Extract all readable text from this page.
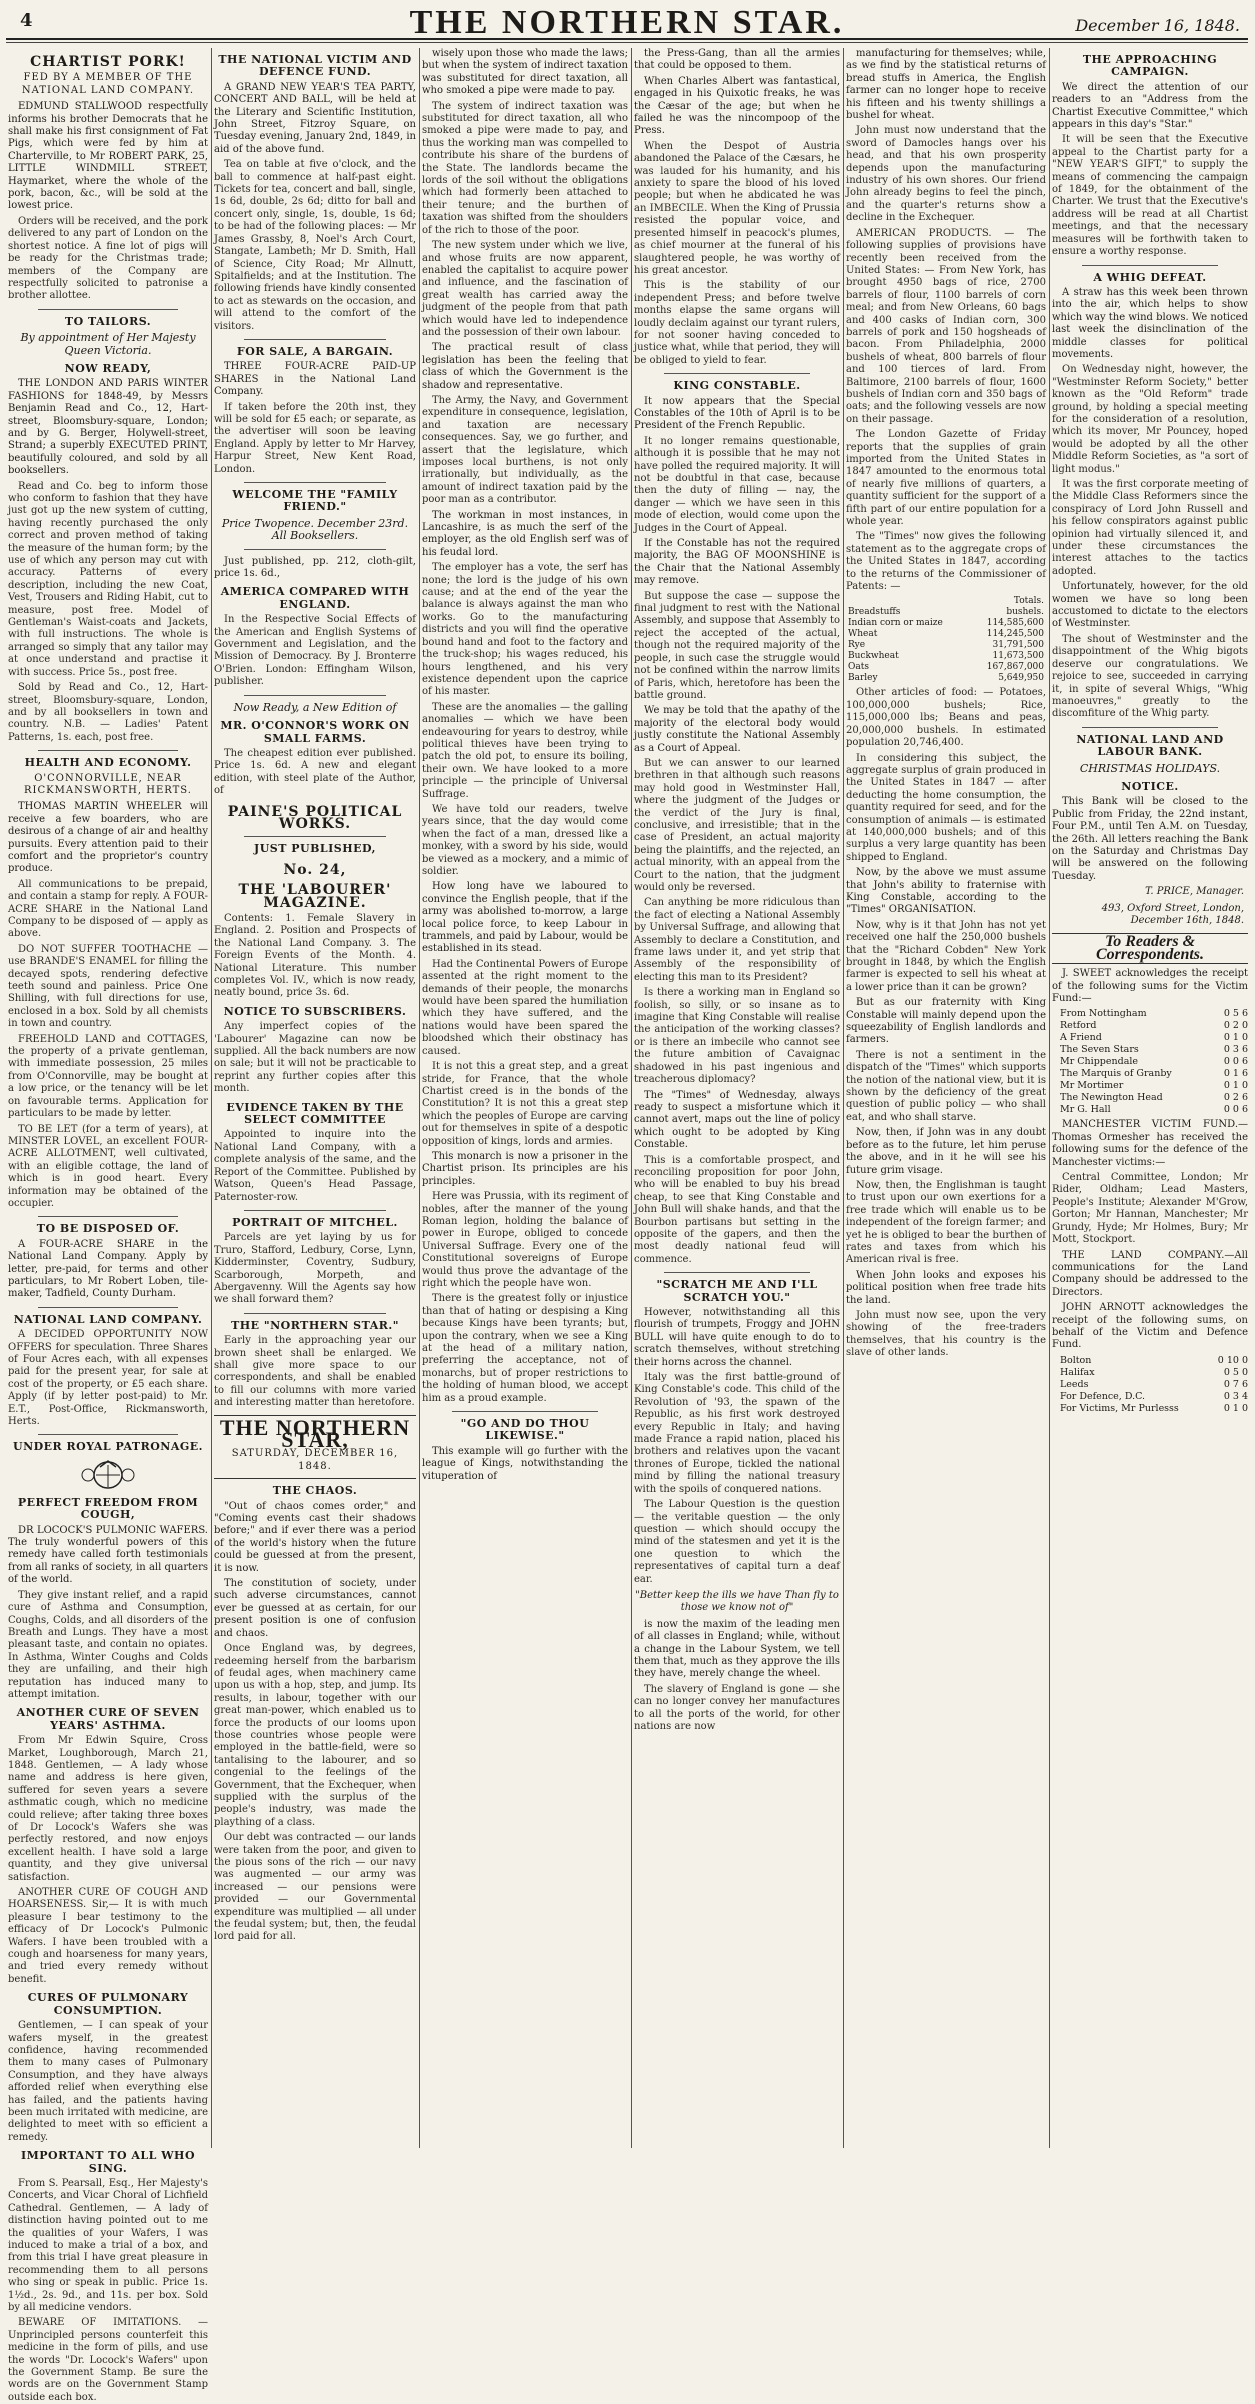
4	THE NORTHERN STAR.	December 16, 1848.
CHARTIST PORK!
FED BY A MEMBER OF THE NATIONAL LAND COMPANY.

EDMUND STALLWOOD respectfully informs his brother Democrats that he shall make his first consignment of Fat Pigs, which were fed by him at Charterville, to Mr ROBERT PARK, 25, LITTLE WINDMILL STREET, Haymarket, where the whole of the pork, bacon, &c., will be sold at the lowest price.

Orders will be received, and the pork delivered to any part of London on the shortest notice. A fine lot of pigs will be ready for the Christmas trade; members of the Company are respectfully solicited to patronise a brother allottee.

TO TAILORS.
By appointment of Her Majesty Queen Victoria.
NOW READY,

THE LONDON AND PARIS WINTER FASHIONS for 1848-49, by Messrs Benjamin Read and Co., 12, Hart-street, Bloomsbury-square, London; and by G. Berger, Holywell-street, Strand; a superbly EXECUTED PRINT, beautifully coloured, and sold by all booksellers.

Read and Co. beg to inform those who conform to fashion that they have just got up the new system of cutting, having recently purchased the only correct and proven method of taking the measure of the human form; by the use of which any person may cut with accuracy. Patterns of every description, including the new Coat, Vest, Trousers and Riding Habit, cut to measure, post free. Model of Gentleman's Waist-coats and Jackets, with full instructions. The whole is arranged so simply that any tailor may at once understand and practise it with success. Price 5s., post free.

Sold by Read and Co., 12, Hart-street, Bloomsbury-square, London, and by all booksellers in town and country. N.B. — Ladies' Patent Patterns, 1s. each, post free.

HEALTH AND ECONOMY.
O'CONNORVILLE, NEAR RICKMANSWORTH, HERTS.

THOMAS MARTIN WHEELER will receive a few boarders, who are desirous of a change of air and healthy pursuits. Every attention paid to their comfort and the proprietor's country produce.

All communications to be prepaid, and contain a stamp for reply. A FOUR-ACRE SHARE in the National Land Company to be disposed of — apply as above.

DO NOT SUFFER TOOTHACHE — use BRANDE'S ENAMEL for filling the decayed spots, rendering defective teeth sound and painless. Price One Shilling, with full directions for use, enclosed in a box. Sold by all chemists in town and country.

FREEHOLD LAND and COTTAGES, the property of a private gentleman, with immediate possession, 25 miles from O'Connorville, may be bought at a low price, or the tenancy will be let on favourable terms. Application for particulars to be made by letter.

TO BE LET (for a term of years), at MINSTER LOVEL, an excellent FOUR-ACRE ALLOTMENT, well cultivated, with an eligible cottage, the land of which is in good heart. Every information may be obtained of the occupier.

TO BE DISPOSED OF.

A FOUR-ACRE SHARE in the National Land Company. Apply by letter, pre-paid, for terms and other particulars, to Mr Robert Loben, tile-maker, Tadfield, County Durham.

NATIONAL LAND COMPANY.

A DECIDED OPPORTUNITY NOW OFFERS for speculation. Three Shares of Four Acres each, with all expenses paid for the present year, for sale at cost of the property, or £5 each share. Apply (if by letter post-paid) to Mr. E.T., Post-Office, Rickmansworth, Herts.

UNDER ROYAL PATRONAGE.
PERFECT FREEDOM FROM COUGH,

DR LOCOCK'S PULMONIC WAFERS. The truly wonderful powers of this remedy have called forth testimonials from all ranks of society, in all quarters of the world.

They give instant relief, and a rapid cure of Asthma and Consumption, Coughs, Colds, and all disorders of the Breath and Lungs. They have a most pleasant taste, and contain no opiates. In Asthma, Winter Coughs and Colds they are unfailing, and their high reputation has induced many to attempt imitation.

ANOTHER CURE OF SEVEN YEARS' ASTHMA.

From Mr Edwin Squire, Cross Market, Loughborough, March 21, 1848. Gentlemen, — A lady whose name and address is here given, suffered for seven years a severe asthmatic cough, which no medicine could relieve; after taking three boxes of Dr Locock's Wafers she was perfectly restored, and now enjoys excellent health. I have sold a large quantity, and they give universal satisfaction.

ANOTHER CURE OF COUGH AND HOARSENESS. Sir,— It is with much pleasure I bear testimony to the efficacy of Dr Locock's Pulmonic Wafers. I have been troubled with a cough and hoarseness for many years, and tried every remedy without benefit.

CURES OF PULMONARY CONSUMPTION.

Gentlemen, — I can speak of your wafers myself, in the greatest confidence, having recommended them to many cases of Pulmonary Consumption, and they have always afforded relief when everything else has failed, and the patients having been much irritated with medicine, are delighted to meet with so efficient a remedy.

IMPORTANT TO ALL WHO SING.

From S. Pearsall, Esq., Her Majesty's Concerts, and Vicar Choral of Lichfield Cathedral. Gentlemen, — A lady of distinction having pointed out to me the qualities of your Wafers, I was induced to make a trial of a box, and from this trial I have great pleasure in recommending them to all persons who sing or speak in public. Price 1s. 1½d., 2s. 9d., and 11s. per box. Sold by all medicine vendors.

BEWARE OF IMITATIONS. — Unprincipled persons counterfeit this medicine in the form of pills, and use the words "Dr. Locock's Wafers" upon the Government Stamp. Be sure the words are on the Government Stamp outside each box.

THE NATIONAL VICTIM AND DEFENCE FUND.

A GRAND NEW YEAR'S TEA PARTY, CONCERT AND BALL, will be held at the Literary and Scientific Institution, John Street, Fitzroy Square, on Tuesday evening, January 2nd, 1849, in aid of the above fund.

Tea on table at five o'clock, and the ball to commence at half-past eight. Tickets for tea, concert and ball, single, 1s 6d, double, 2s 6d; ditto for ball and concert only, single, 1s, double, 1s 6d; to be had of the following places: — Mr James Grassby, 8, Noel's Arch Court, Stangate, Lambeth; Mr D. Smith, Hall of Science, City Road; Mr Allnutt, Spitalfields; and at the Institution. The following friends have kindly consented to act as stewards on the occasion, and will attend to the comfort of the visitors.

FOR SALE, A BARGAIN.

THREE FOUR-ACRE PAID-UP SHARES in the National Land Company.

If taken before the 20th inst, they will be sold for £5 each; or separate, as the advertiser will soon be leaving England. Apply by letter to Mr Harvey, Harpur Street, New Kent Road, London.

WELCOME THE "FAMILY FRIEND."
Price Twopence. December 23rd. All Booksellers.

Just published, pp. 212, cloth-gilt, price 1s. 6d.,

AMERICA COMPARED WITH ENGLAND.

In the Respective Social Effects of the American and English Systems of Government and Legislation, and the Mission of Democracy. By J. Bronterre O'Brien. London: Effingham Wilson, publisher.

Now Ready, a New Edition of
MR. O'CONNOR'S WORK ON SMALL FARMS.

The cheapest edition ever published. Price 1s. 6d. A new and elegant edition, with steel plate of the Author, of

PAINE'S POLITICAL WORKS.
JUST PUBLISHED,
No. 24,
THE 'LABOURER' MAGAZINE.

Contents: 1. Female Slavery in England. 2. Position and Prospects of the National Land Company. 3. The Foreign Events of the Month. 4. National Literature. This number completes Vol. IV., which is now ready, neatly bound, price 3s. 6d.

NOTICE TO SUBSCRIBERS.

Any imperfect copies of the 'Labourer' Magazine can now be supplied. All the back numbers are now on sale; but it will not be practicable to reprint any further copies after this month.

EVIDENCE TAKEN BY THE SELECT COMMITTEE

Appointed to inquire into the National Land Company, with a complete analysis of the same, and the Report of the Committee. Published by Watson, Queen's Head Passage, Paternoster-row.

PORTRAIT OF MITCHEL.

Parcels are yet laying by us for Truro, Stafford, Ledbury, Corse, Lynn, Kidderminster, Coventry, Sudbury, Scarborough, Morpeth, and Abergavenny. Will the Agents say how we shall forward them?

THE "NORTHERN STAR."

Early in the approaching year our brown sheet shall be enlarged. We shall give more space to our correspondents, and shall be enabled to fill our columns with more varied and interesting matter than heretofore.

THE NORTHERN STAR,
SATURDAY, DECEMBER 16, 1848.
THE CHAOS.

"Out of chaos comes order," and "Coming events cast their shadows before;" and if ever there was a period of the world's history when the future could be guessed at from the present, it is now.

The constitution of society, under such adverse circumstances, cannot ever be guessed at as certain, for our present position is one of confusion and chaos.

Once England was, by degrees, redeeming herself from the barbarism of feudal ages, when machinery came upon us with a hop, step, and jump. Its results, in labour, together with our great man-power, which enabled us to force the products of our looms upon those countries whose people were employed in the battle-field, were so tantalising to the labourer, and so congenial to the feelings of the Government, that the Exchequer, when supplied with the surplus of the people's industry, was made the plaything of a class.

Our debt was contracted — our lands were taken from the poor, and given to the pious sons of the rich — our navy was augmented — our army was increased — our pensions were provided — our Governmental expenditure was multiplied — all under the feudal system; but, then, the feudal lord paid for all.

wisely upon those who made the laws; but when the system of indirect taxation was substituted for direct taxation, all who smoked a pipe were made to pay.

The system of indirect taxation was substituted for direct taxation, all who smoked a pipe were made to pay, and thus the working man was compelled to contribute his share of the burdens of the State. The landlords became the lords of the soil without the obligations which had formerly been attached to their tenure; and the burthen of taxation was shifted from the shoulders of the rich to those of the poor.

The new system under which we live, and whose fruits are now apparent, enabled the capitalist to acquire power and influence, and the fascination of great wealth has carried away the judgment of the people from that path which would have led to independence and the possession of their own labour.

The practical result of class legislation has been the feeling that class of which the Government is the shadow and representative.

The Army, the Navy, and Government expenditure in consequence, legislation, and taxation are necessary consequences. Say, we go further, and assert that the legislature, which imposes local burthens, is not only irrationally, but individually, as the amount of indirect taxation paid by the poor man as a contributor.

The workman in most instances, in Lancashire, is as much the serf of the employer, as the old English serf was of his feudal lord.

The employer has a vote, the serf has none; the lord is the judge of his own cause; and at the end of the year the balance is always against the man who works. Go to the manufacturing districts and you will find the operative bound hand and foot to the factory and the truck-shop; his wages reduced, his hours lengthened, and his very existence dependent upon the caprice of his master.

These are the anomalies — the galling anomalies — which we have been endeavouring for years to destroy, while political thieves have been trying to patch the old pot, to ensure its boiling, their own. We have looked to a more principle — the principle of Universal Suffrage.

We have told our readers, twelve years since, that the day would come when the fact of a man, dressed like a monkey, with a sword by his side, would be viewed as a mockery, and a mimic of soldier.

How long have we laboured to convince the English people, that if the army was abolished to-morrow, a large local police force, to keep Labour in trammels, and paid by Labour, would be established in its stead.

Had the Continental Powers of Europe assented at the right moment to the demands of their people, the monarchs would have been spared the humiliation which they have suffered, and the nations would have been spared the bloodshed which their obstinacy has caused.

It is not this a great step, and a great stride, for France, that the whole Chartist creed is in the bonds of the Constitution? It is not this a great step which the peoples of Europe are carving out for themselves in spite of a despotic opposition of kings, lords and armies.

This monarch is now a prisoner in the Chartist prison. Its principles are his principles.

Here was Prussia, with its regiment of nobles, after the manner of the young Roman legion, holding the balance of power in Europe, obliged to concede Universal Suffrage. Every one of the Constitutional sovereigns of Europe would thus prove the advantage of the right which the people have won.

There is the greatest folly or injustice than that of hating or despising a King because Kings have been tyrants; but, upon the contrary, when we see a King at the head of a military nation, preferring the acceptance, not of monarchs, but of proper restrictions to the holding of human blood, we accept him as a proud example.

"GO AND DO THOU LIKEWISE."

This example will go further with the league of Kings, notwithstanding the vituperation of

the Press-Gang, than all the armies that could be opposed to them.

When Charles Albert was fantastical, engaged in his Quixotic freaks, he was the Cæsar of the age; but when he failed he was the nincompoop of the Press.

When the Despot of Austria abandoned the Palace of the Cæsars, he was lauded for his humanity, and his anxiety to spare the blood of his loved people; but when he abdicated he was an IMBECILE. When the King of Prussia resisted the popular voice, and presented himself in peacock's plumes, as chief mourner at the funeral of his slaughtered people, he was worthy of his great ancestor.

This is the stability of our independent Press; and before twelve months elapse the same organs will loudly declaim against our tyrant rulers, for not sooner having conceded to justice what, while that period, they will be obliged to yield to fear.

KING CONSTABLE.

It now appears that the Special Constables of the 10th of April is to be President of the French Republic.

It no longer remains questionable, although it is possible that he may not have polled the required majority. It will not be doubtful in that case, because then the duty of filling — nay, the danger — which we have seen in this mode of election, would come upon the Judges in the Court of Appeal.

If the Constable has not the required majority, the BAG OF MOONSHINE is the Chair that the National Assembly may remove.

But suppose the case — suppose the final judgment to rest with the National Assembly, and suppose that Assembly to reject the accepted of the actual, though not the required majority of the people, in such case the struggle would not be confined within the narrow limits of Paris, which, heretofore has been the battle ground.

We may be told that the apathy of the majority of the electoral body would justly constitute the National Assembly as a Court of Appeal.

But we can answer to our learned brethren in that although such reasons may hold good in Westminster Hall, where the judgment of the Judges or the verdict of the Jury is final, conclusive, and irresistible; that in the case of President, an actual majority being the plaintiffs, and the rejected, an actual minority, with an appeal from the Court to the nation, that the judgment would only be reversed.

Can anything be more ridiculous than the fact of electing a National Assembly by Universal Suffrage, and allowing that Assembly to declare a Constitution, and frame laws under it, and yet strip that Assembly of the responsibility of electing this man to its President?

Is there a working man in England so foolish, so silly, or so insane as to imagine that King Constable will realise the anticipation of the working classes? or is there an imbecile who cannot see the future ambition of Cavaignac shadowed in his past ingenious and treacherous diplomacy?

The "Times" of Wednesday, always ready to suspect a misfortune which it cannot avert, maps out the line of policy which ought to be adopted by King Constable.

This is a comfortable prospect, and reconciling proposition for poor John, who will be enabled to buy his bread cheap, to see that King Constable and John Bull will shake hands, and that the Bourbon partisans but setting in the opposite of the gapers, and then the most deadly national feud will commence.

"SCRATCH ME AND I'LL SCRATCH YOU."

However, notwithstanding all this flourish of trumpets, Froggy and JOHN BULL will have quite enough to do to scratch themselves, without stretching their horns across the channel.

Italy was the first battle-ground of King Constable's code. This child of the Revolution of '93, the spawn of the Republic, as his first work destroyed every Republic in Italy; and having made France a rapid nation, placed his brothers and relatives upon the vacant thrones of Europe, tickled the national mind by filling the national treasury with the spoils of conquered nations.

The Labour Question is the question — the veritable question — the only question — which should occupy the mind of the statesmen and yet it is the one question to which the representatives of capital turn a deaf ear.

"Better keep the ills we have Than fly to those we know not of"

is now the maxim of the leading men of all classes in England; while, without a change in the Labour System, we tell them that, much as they approve the ills they have, merely change the wheel.

The slavery of England is gone — she can no longer convey her manufactures to all the ports of the world, for other nations are now

manufacturing for themselves; while, as we find by the statistical returns of bread stuffs in America, the English farmer can no longer hope to receive his fifteen and his twenty shillings a bushel for wheat.

John must now understand that the sword of Damocles hangs over his head, and that his own prosperity depends upon the manufacturing industry of his own shores. Our friend John already begins to feel the pinch, and the quarter's returns show a decline in the Exchequer.

AMERICAN PRODUCTS. — The following supplies of provisions have recently been received from the United States: — From New York, has brought 4950 bags of rice, 2700 barrels of flour, 1100 barrels of corn meal; and from New Orleans, 60 bags and 400 casks of Indian corn, 300 barrels of pork and 150 hogsheads of bacon. From Philadelphia, 2000 bushels of wheat, 800 barrels of flour and 100 tierces of lard. From Baltimore, 2100 barrels of flour, 1600 bushels of Indian corn and 350 bags of oats; and the following vessels are now on their passage.

The London Gazette of Friday reports that the supplies of grain imported from the United States in 1847 amounted to the enormous total of nearly five millions of quarters, a quantity sufficient for the support of a fifth part of our entire population for a whole year.

The "Times" now gives the following statement as to the aggregate crops of the United States in 1847, according to the returns of the Commissioner of Patents: —

	Totals.
Breadstuffs	bushels.
Indian corn or maize	114,585,600
Wheat	114,245,500
Rye	31,791,500
Buckwheat	11,673,500
Oats	167,867,000
Barley	5,649,950

Other articles of food: — Potatoes, 100,000,000 bushels; Rice, 115,000,000 lbs; Beans and peas, 20,000,000 bushels. In estimated population 20,746,400.

In considering this subject, the aggregate surplus of grain produced in the United States in 1847 — after deducting the home consumption, the quantity required for seed, and for the consumption of animals — is estimated at 140,000,000 bushels; and of this surplus a very large quantity has been shipped to England.

Now, by the above we must assume that John's ability to fraternise with King Constable, according to the "Times" ORGANISATION.

Now, why is it that John has not yet received one half the 250,000 bushels that the "Richard Cobden" New York brought in 1848, by which the English farmer is expected to sell his wheat at a lower price than it can be grown?

But as our fraternity with King Constable will mainly depend upon the squeezability of English landlords and farmers.

There is not a sentiment in the dispatch of the "Times" which supports the notion of the national view, but it is shown by the deficiency of the great question of public policy — who shall eat, and who shall starve.

Now, then, if John was in any doubt before as to the future, let him peruse the above, and in it he will see his future grim visage.

Now, then, the Englishman is taught to trust upon our own exertions for a free trade which will enable us to be independent of the foreign farmer; and yet he is obliged to bear the burthen of rates and taxes from which his American rival is free.

When John looks and exposes his political position when free trade hits the land.

John must now see, upon the very showing of the free-traders themselves, that his country is the slave of other lands.

THE APPROACHING CAMPAIGN.

We direct the attention of our readers to an "Address from the Chartist Executive Committee," which appears in this day's "Star."

It will be seen that the Executive appeal to the Chartist party for a "NEW YEAR'S GIFT," to supply the means of commencing the campaign of 1849, for the obtainment of the Charter. We trust that the Executive's address will be read at all Chartist meetings, and that the necessary measures will be forthwith taken to ensure a worthy response.

A WHIG DEFEAT.

A straw has this week been thrown into the air, which helps to show which way the wind blows. We noticed last week the disinclination of the middle classes for political movements.

On Wednesday night, however, the "Westminster Reform Society," better known as the "Old Reform" trade ground, by holding a special meeting for the consideration of a resolution, which its mover, Mr Pouncey, hoped would be adopted by all the other Middle Reform Societies, as "a sort of light modus."

It was the first corporate meeting of the Middle Class Reformers since the conspiracy of Lord John Russell and his fellow conspirators against public opinion had virtually silenced it, and under these circumstances the interest attaches to the tactics adopted.

Unfortunately, however, for the old women we have so long been accustomed to dictate to the electors of Westminster.

The shout of Westminster and the disappointment of the Whig bigots deserve our congratulations. We rejoice to see, succeeded in carrying it, in spite of several Whigs, "Whig manoeuvres," greatly to the discomfiture of the Whig party.

NATIONAL LAND AND LABOUR BANK.
CHRISTMAS HOLIDAYS.
NOTICE.

This Bank will be closed to the Public from Friday, the 22nd instant, Four P.M., until Ten A.M. on Tuesday, the 26th. All letters reaching the Bank on the Saturday and Christmas Day will be answered on the following Tuesday.

T. PRICE, Manager.
493, Oxford Street, London, December 16th, 1848.
To Readers & Correspondents.

J. SWEET acknowledges the receipt of the following sums for the Victim Fund:—

From Nottingham	0 5 6
Retford	0 2 0
A Friend	0 1 0
The Seven Stars	0 3 6
Mr Chippendale	0 0 6
The Marquis of Granby	0 1 6
Mr Mortimer	0 1 0
The Newington Head	0 2 6
Mr G. Hall	0 0 6

MANCHESTER VICTIM FUND.—Thomas Ormesher has received the following sums for the defence of the Manchester victims:—

Central Committee, London; Mr Rider, Oldham; Lead Masters, People's Institute; Alexander M'Grow, Gorton; Mr Hannan, Manchester; Mr Grundy, Hyde; Mr Holmes, Bury; Mr Mott, Stockport.

THE LAND COMPANY.—All communications for the Land Company should be addressed to the Directors.

JOHN ARNOTT acknowledges the receipt of the following sums, on behalf of the Victim and Defence Fund.

Bolton	0 10 0
Halifax	0 5 0
Leeds	0 7 6
For Defence, D.C.	0 3 4
For Victims, Mr Purlesss	0 1 0
